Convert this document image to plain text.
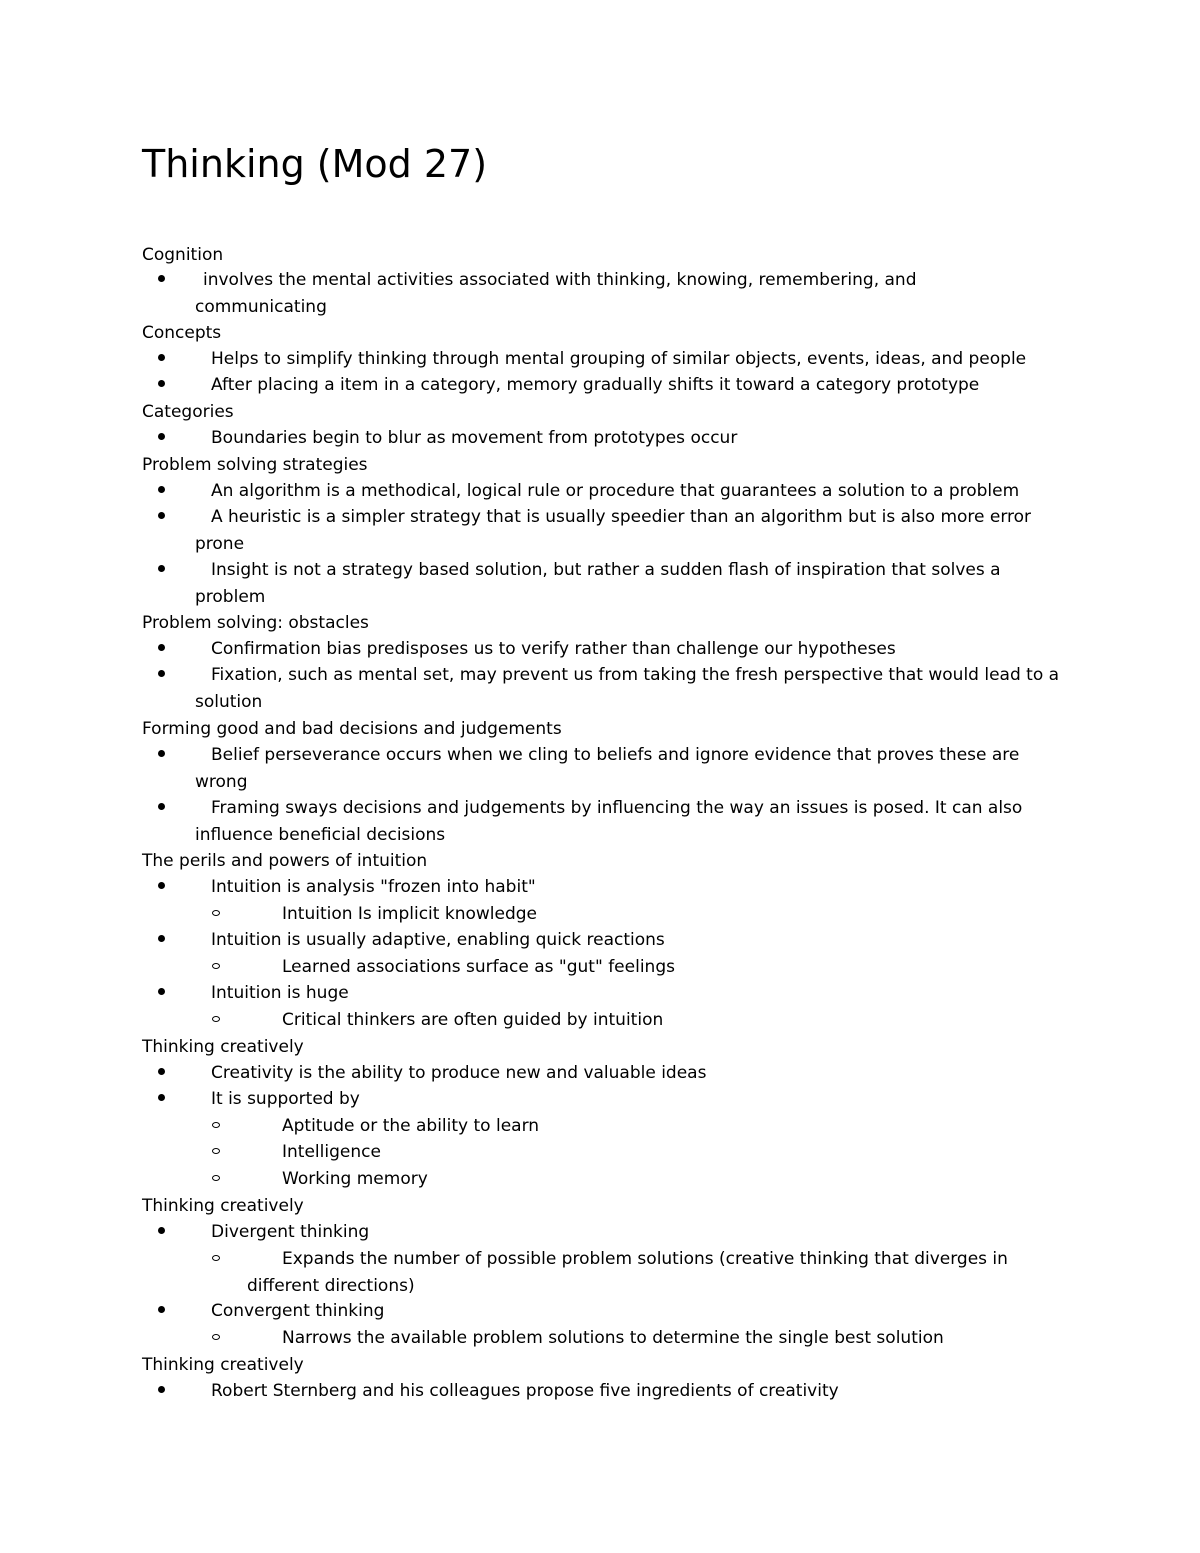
Thinking (Mod 27)
Cognition
involves the mental activities associated with thinking, knowing, remembering, and communicating
Concepts
Helps to simplify thinking through mental grouping of similar objects, events, ideas, and people
After placing a item in a category, memory gradually shifts it toward a category prototype
Categories
Boundaries begin to blur as movement from prototypes occur
Problem solving strategies
An algorithm is a methodical, logical rule or procedure that guarantees a solution to a problem
A heuristic is a simpler strategy that is usually speedier than an algorithm but is also more error prone
Insight is not a strategy based solution, but rather a sudden flash of inspiration that solves a problem
Problem solving: obstacles
Confirmation bias predisposes us to verify rather than challenge our hypotheses
Fixation, such as mental set, may prevent us from taking the fresh perspective that would lead to a solution
Forming good and bad decisions and judgements
Belief perseverance occurs when we cling to beliefs and ignore evidence that proves these are wrong
Framing sways decisions and judgements by influencing the way an issues is posed. It can also influence beneficial decisions
The perils and powers of intuition
Intuition is analysis "frozen into habit"
Intuition Is implicit knowledge
Intuition is usually adaptive, enabling quick reactions
Learned associations surface as "gut" feelings
Intuition is huge
Critical thinkers are often guided by intuition
Thinking creatively
Creativity is the ability to produce new and valuable ideas
It is supported by
Aptitude or the ability to learn
Intelligence
Working memory
Thinking creatively
Divergent thinking
Expands the number of possible problem solutions (creative thinking that diverges in different directions)
Convergent thinking
Narrows the available problem solutions to determine the single best solution
Thinking creatively
Robert Sternberg and his colleagues propose five ingredients of creativity
